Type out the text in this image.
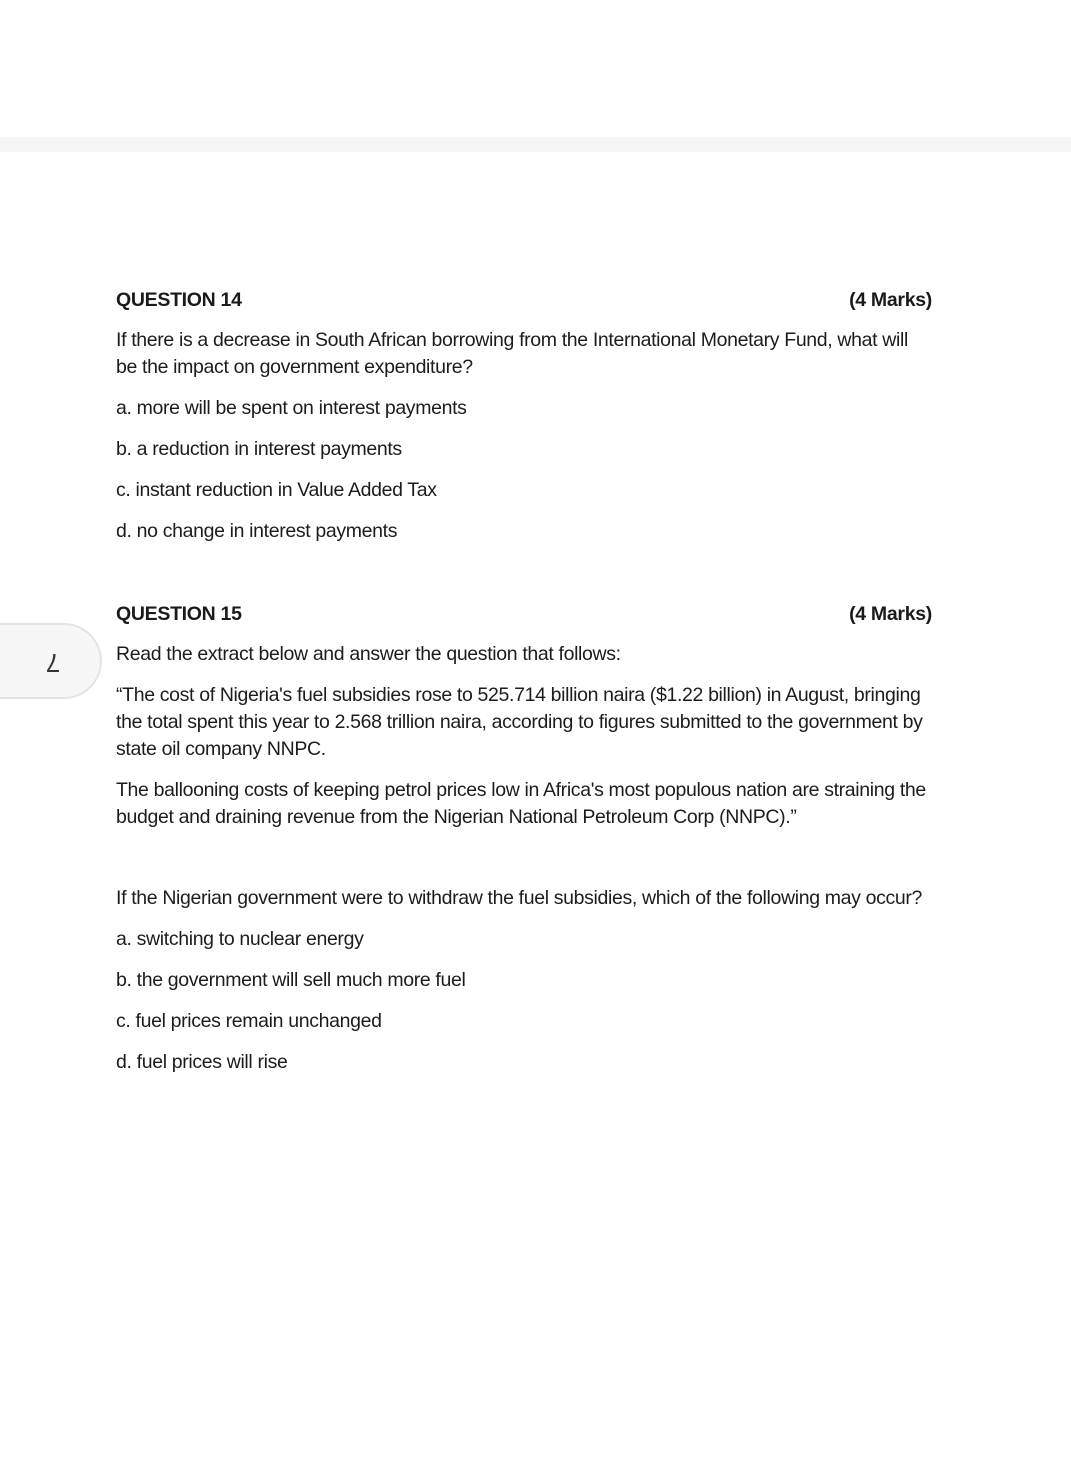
7
QUESTION 14	(4 Marks)

If there is a decrease in South African borrowing from the International Monetary Fund, what will be the impact on government expenditure?

a. more will be spent on interest payments

b. a reduction in interest payments

c. instant reduction in Value Added Tax

d. no change in interest payments

QUESTION 15	(4 Marks)

Read the extract below and answer the question that follows:

“The cost of Nigeria's fuel subsidies rose to 525.714 billion naira ($1.22 billion) in August, bringing the total spent this year to 2.568 trillion naira, according to figures submitted to the government by state oil company NNPC.

The ballooning costs of keeping petrol prices low in Africa's most populous nation are straining the budget and draining revenue from the Nigerian National Petroleum Corp (NNPC).”

If the Nigerian government were to withdraw the fuel subsidies, which of the following may occur?

a. switching to nuclear energy

b. the government will sell much more fuel

c. fuel prices remain unchanged

d. fuel prices will rise
